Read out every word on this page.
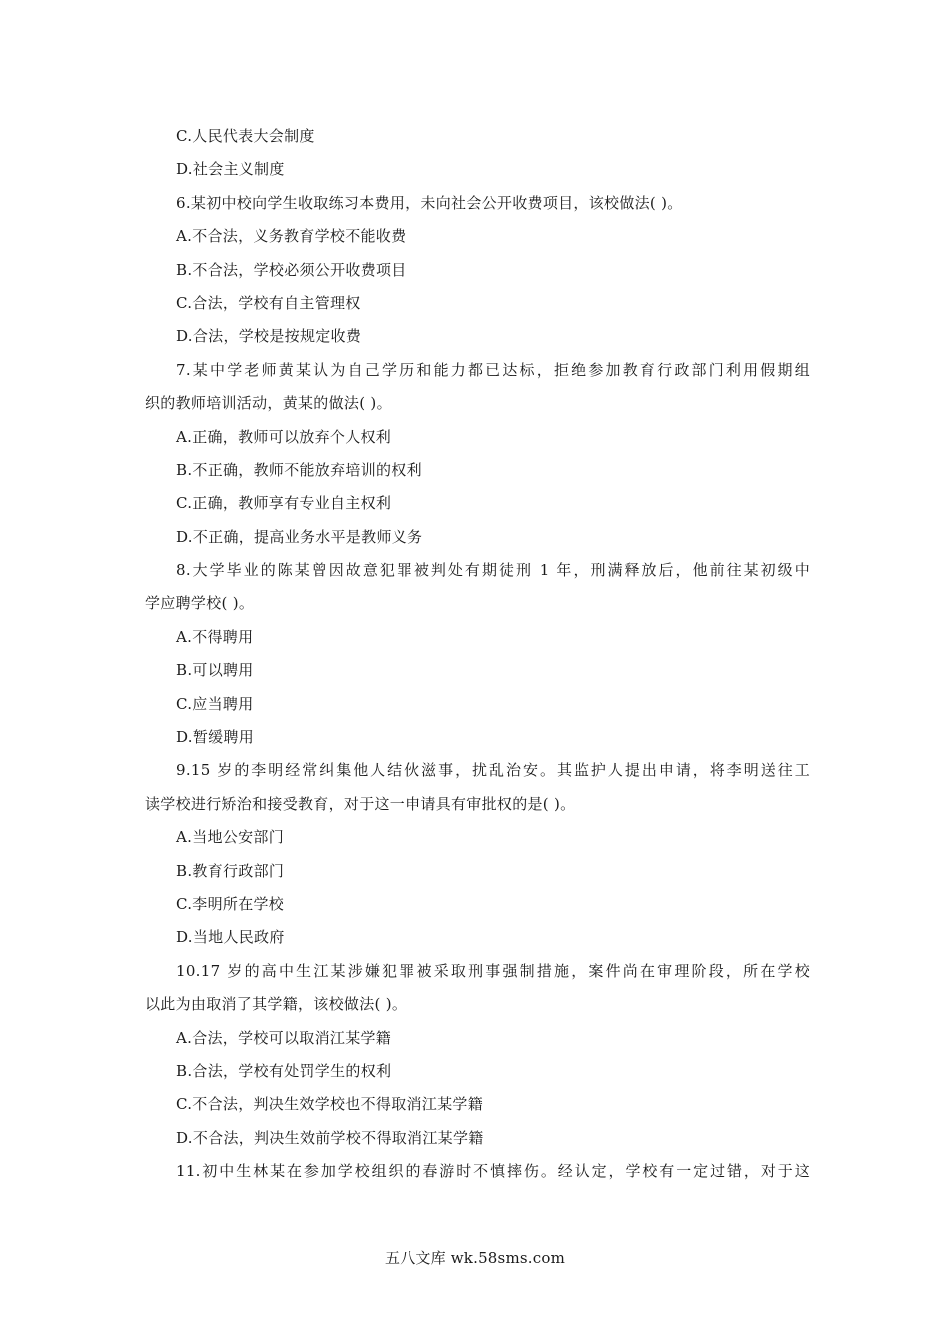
C.人民代表大会制度
D.社会主义制度
6.某初中校向学生收取练习本费用，未向社会公开收费项目，该校做法( )。
A.不合法，义务教育学校不能收费
B.不合法，学校必须公开收费项目
C.合法，学校有自主管理权
D.合法，学校是按规定收费
7.某中学老师黄某认为自己学历和能力都已达标，拒绝参加教育行政部门利用假期组
织的教师培训活动，黄某的做法( )。
A.正确，教师可以放弃个人权利
B.不正确，教师不能放弃培训的权利
C.正确，教师享有专业自主权利
D.不正确，提高业务水平是教师义务
8.大学毕业的陈某曾因故意犯罪被判处有期徒刑 1 年，刑满释放后，他前往某初级中
学应聘学校( )。
A.不得聘用
B.可以聘用
C.应当聘用
D.暂缓聘用
9.15 岁的李明经常纠集他人结伙滋事，扰乱治安。其监护人提出申请，将李明送往工
读学校进行矫治和接受教育，对于这一申请具有审批权的是( )。
A.当地公安部门
B.教育行政部门
C.李明所在学校
D.当地人民政府
10.17 岁的高中生江某涉嫌犯罪被采取刑事强制措施，案件尚在审理阶段，所在学校
以此为由取消了其学籍，该校做法( )。
A.合法，学校可以取消江某学籍
B.合法，学校有处罚学生的权利
C.不合法，判决生效学校也不得取消江某学籍
D.不合法，判决生效前学校不得取消江某学籍
11.初中生林某在参加学校组织的春游时不慎摔伤。经认定，学校有一定过错，对于这
五八文库 wk.58sms.com
